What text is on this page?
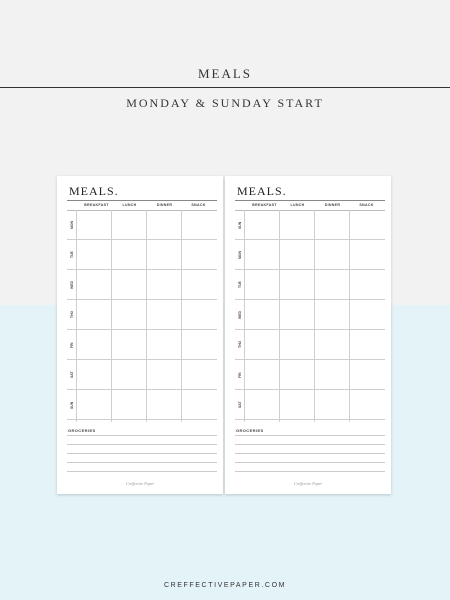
MEALS
MONDAY & SUNDAY START
MEALS.
BREAKFAST	LUNCH	DINNER	SNACK
MON
TUE
WED
THU
FRI
SAT
SUN
GROCERIES
Creffective Paper
MEALS.
BREAKFAST	LUNCH	DINNER	SNACK
SUN
MON
TUE
WED
THU
FRI
SAT
GROCERIES
Creffective Paper
CREFFECTIVEPAPER.COM
